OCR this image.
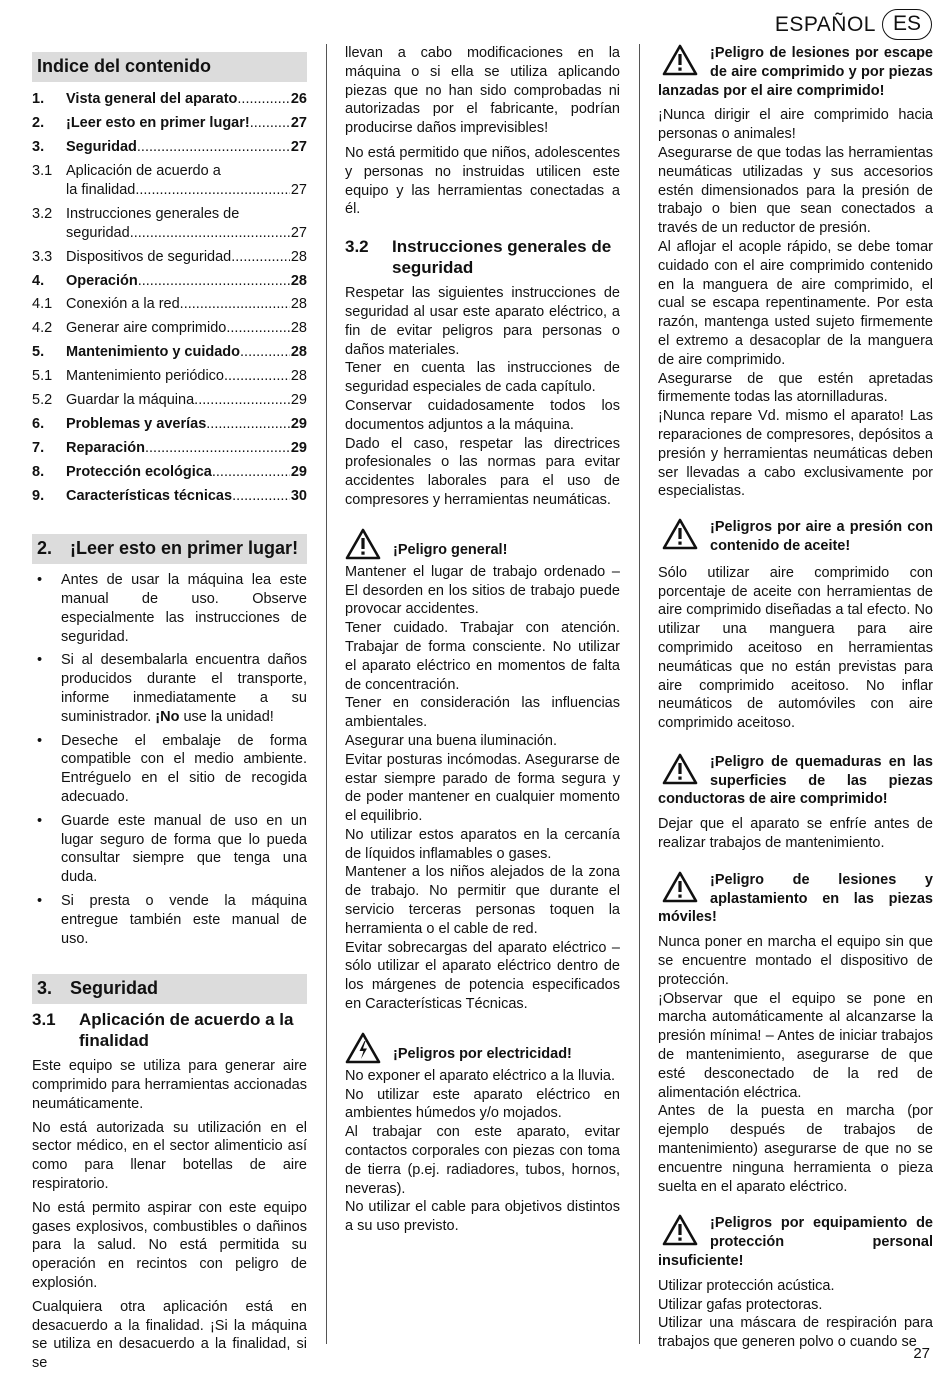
ESPAÑOL ES
Indice del contenido
1.	Vista general del aparato .....	26
2.	¡Leer esto en primer lugar! .....	27
3.	Seguridad .....	27
3.1 Aplicación de acuerdo a
la finalidad .....	27
3.2 Instrucciones generales de
seguridad .....	27
3.3 Dispositivos de seguridad .....	28
4.	Operación .....	28
4.1 Conexión a la red .....	28
4.2 Generar aire comprimido .....	28
5.	Mantenimiento y cuidado .....	28
5.1 Mantenimiento periódico .....	28
5.2 Guardar la máquina .....	29
6.	Problemas y averías .....	29
7.	Reparación .....	29
8.	Protección ecológica .....	29
9.	Características técnicas .....	30
2. ¡Leer esto en primer lugar!
• Antes de usar la máquina lea este manual de uso. Observe especialmente las instrucciones de seguridad.
• Si al desembalarla encuentra daños producidos durante el transporte, informe inmediatamente a su suministrador. ¡No use la unidad!
• Deseche el embalaje de forma compatible con el medio ambiente. Entréguelo en el sitio de recogida adecuado.
• Guarde este manual de uso en un lugar seguro de forma que lo pueda consultar siempre que tenga una duda.
• Si presta o vende la máquina entregue también este manual de uso.
3. Seguridad
3.1	Aplicación de acuerdo a la finalidad

Este equipo se utiliza para generar aire comprimido para herramientas accionadas neumáticamente.

No está autorizada su utilización en el sector médico, en el sector alimenticio así como para llenar botellas de aire respiratorio.

No está permito aspirar con este equipo gases explosivos, combustibles o dañinos para la salud. No está permitida su operación en recintos con peligro de explosión.

Cualquiera otra aplicación está en desacuerdo a la finalidad. ¡Si la máquina se utiliza en desacuerdo a la finalidad, si se

llevan a cabo modificaciones en la máquina o si ella se utiliza aplicando piezas que no han sido comprobadas ni autorizadas por el fabricante, podrían producirse daños imprevisibles!

No está permitido que niños, adolescentes y personas no instruidas utilicen este equipo y las herramientas conectadas a él.

3.2	Instrucciones generales de seguridad

Respetar las siguientes instrucciones de seguridad al usar este aparato eléctrico, a fin de evitar peligros para personas o daños materiales.

Tener en cuenta las instrucciones de seguridad especiales de cada capítulo.

Conservar cuidadosamente todos los documentos adjuntos a la máquina.

Dado el caso, respetar las directrices profesionales o las normas para evitar accidentes laborales para el uso de compresores y herramientas neumáticas.

¡Peligro general!

Mantener el lugar de trabajo ordenado – El desorden en los sitios de trabajo puede provocar accidentes.

Tener cuidado. Trabajar con atención. Trabajar de forma consciente. No utilizar el aparato eléctrico en momentos de falta de concentración.

Tener en consideración las influencias ambientales.

Asegurar una buena iluminación.

Evitar posturas incómodas. Asegurarse de estar siempre parado de forma segura y de poder mantener en cualquier momento el equilibrio.

No utilizar estos aparatos en la cercanía de líquidos inflamables o gases.

Mantener a los niños alejados de la zona de trabajo. No permitir que durante el servicio terceras personas toquen la herramienta o el cable de red.

Evitar sobrecargas del aparato eléctrico – sólo utilizar el aparato eléctrico dentro de los márgenes de potencia especificados en Características Técnicas.

¡Peligros por electricidad!

No exponer el aparato eléctrico a la lluvia.

No utilizar este aparato eléctrico en ambientes húmedos y/o mojados.

Al trabajar con este aparato, evitar contactos corporales con piezas con toma de tierra (p.ej. radiadores, tubos, hornos, neveras).

No utilizar el cable para objetivos distintos a su uso previsto.

¡Peligro de lesiones por escape de aire comprimido y por piezas lanzadas por el aire comprimido!

¡Nunca dirigir el aire comprimido hacia personas o animales!

Asegurarse de que todas las herramientas neumáticas utilizadas y sus accesorios estén dimensionados para la presión de trabajo o bien que sean conectados a través de un reductor de presión.

Al aflojar el acople rápido, se debe tomar cuidado con el aire comprimido contenido en la manguera de aire comprimido, el cual se escapa repentinamente. Por esta razón, mantenga usted sujeto firmemente el extremo a desacoplar de la manguera de aire comprimido.

Asegurarse de que estén apretadas firmemente todas las atornilladuras.

¡Nunca repare Vd. mismo el aparato! Las reparaciones de compresores, depósitos a presión y herramientas neumáticas deben ser llevadas a cabo exclusivamente por especialistas.

¡Peligros por aire a presión con contenido de aceite!

Sólo utilizar aire comprimido con porcentaje de aceite con herramientas de aire comprimido diseñadas a tal efecto. No utilizar una manguera para aire comprimido aceitoso en herramientas neumáticas que no están previstas para aire comprimido aceitoso. No inflar neumáticos de automóviles con aire comprimido aceitoso.

¡Peligro de quemaduras en las superficies de las piezas conductoras de aire comprimido!

Dejar que el aparato se enfríe antes de realizar trabajos de mantenimiento.

¡Peligro de lesiones y aplastamiento en las piezas móviles!

Nunca poner en marcha el equipo sin que se encuentre montado el dispositivo de protección.

¡Observar que el equipo se pone en marcha automáticamente al alcanzarse la presión mínima! – Antes de iniciar trabajos de mantenimiento, asegurarse de que esté desconectado de la red de alimentación eléctrica.

Antes de la puesta en marcha (por ejemplo después de trabajos de mantenimiento) asegurarse de que no se encuentre ninguna herramienta o pieza suelta en el aparato eléctrico.

¡Peligros por equipamiento de protección personal insuficiente!

Utilizar protección acústica.

Utilizar gafas protectoras.

Utilizar una máscara de respiración para trabajos que generen polvo o cuando se

27
